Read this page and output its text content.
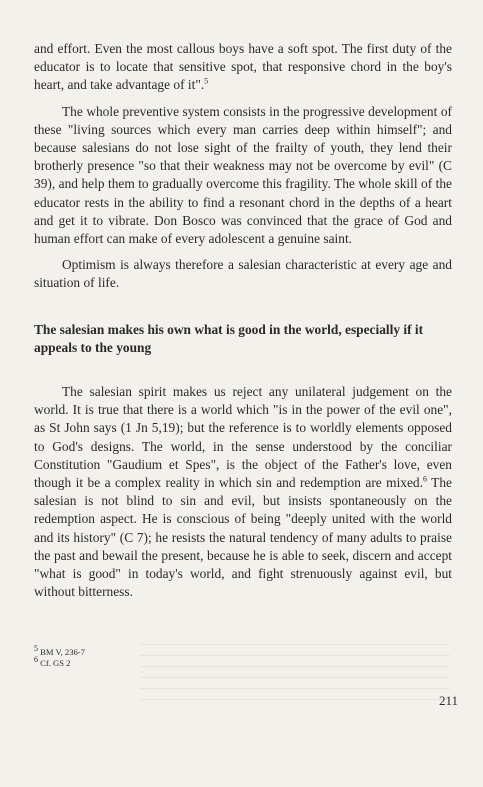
and effort. Even the most callous boys have a soft spot. The first duty of the educator is to locate that sensitive spot, that responsive chord in the boy's heart, and take advantage of it".$^5$

The whole preventive system consists in the progressive development of these "living sources which every man carries deep within himself"; and because salesians do not lose sight of the frailty of youth, they lend their brotherly presence "so that their weakness may not be overcome by evil" (C 39), and help them to gradually overcome this fragility. The whole skill of the educator rests in the ability to find a resonant chord in the depths of a heart and get it to vibrate. Don Bosco was convinced that the grace of God and human effort can make of every adolescent a genuine saint.

Optimism is always therefore a salesian characteristic at every age and situation of life.

The salesian makes his own what is good in the world, especially if it appeals to the young

The salesian spirit makes us reject any unilateral judgement on the world. It is true that there is a world which "is in the power of the evil one", as St John says (1 Jn 5,19); but the reference is to worldly elements opposed to God's designs. The world, in the sense understood by the conciliar Constitution "Gaudium et Spes", is the object of the Father's love, even though it be a complex reality in which sin and redemption are mixed.$^6$ The salesian is not blind to sin and evil, but insists spontaneously on the redemption aspect. He is conscious of being "deeply united with the world and its history" (C 7); he resists the natural tendency of many adults to praise the past and bewail the present, because he is able to seek, discern and accept "what is good" in today's world, and fight strenuously against evil, but without bitterness.

$^5$ BM V, 236-7
$^6$ Cf. GS 2
211
